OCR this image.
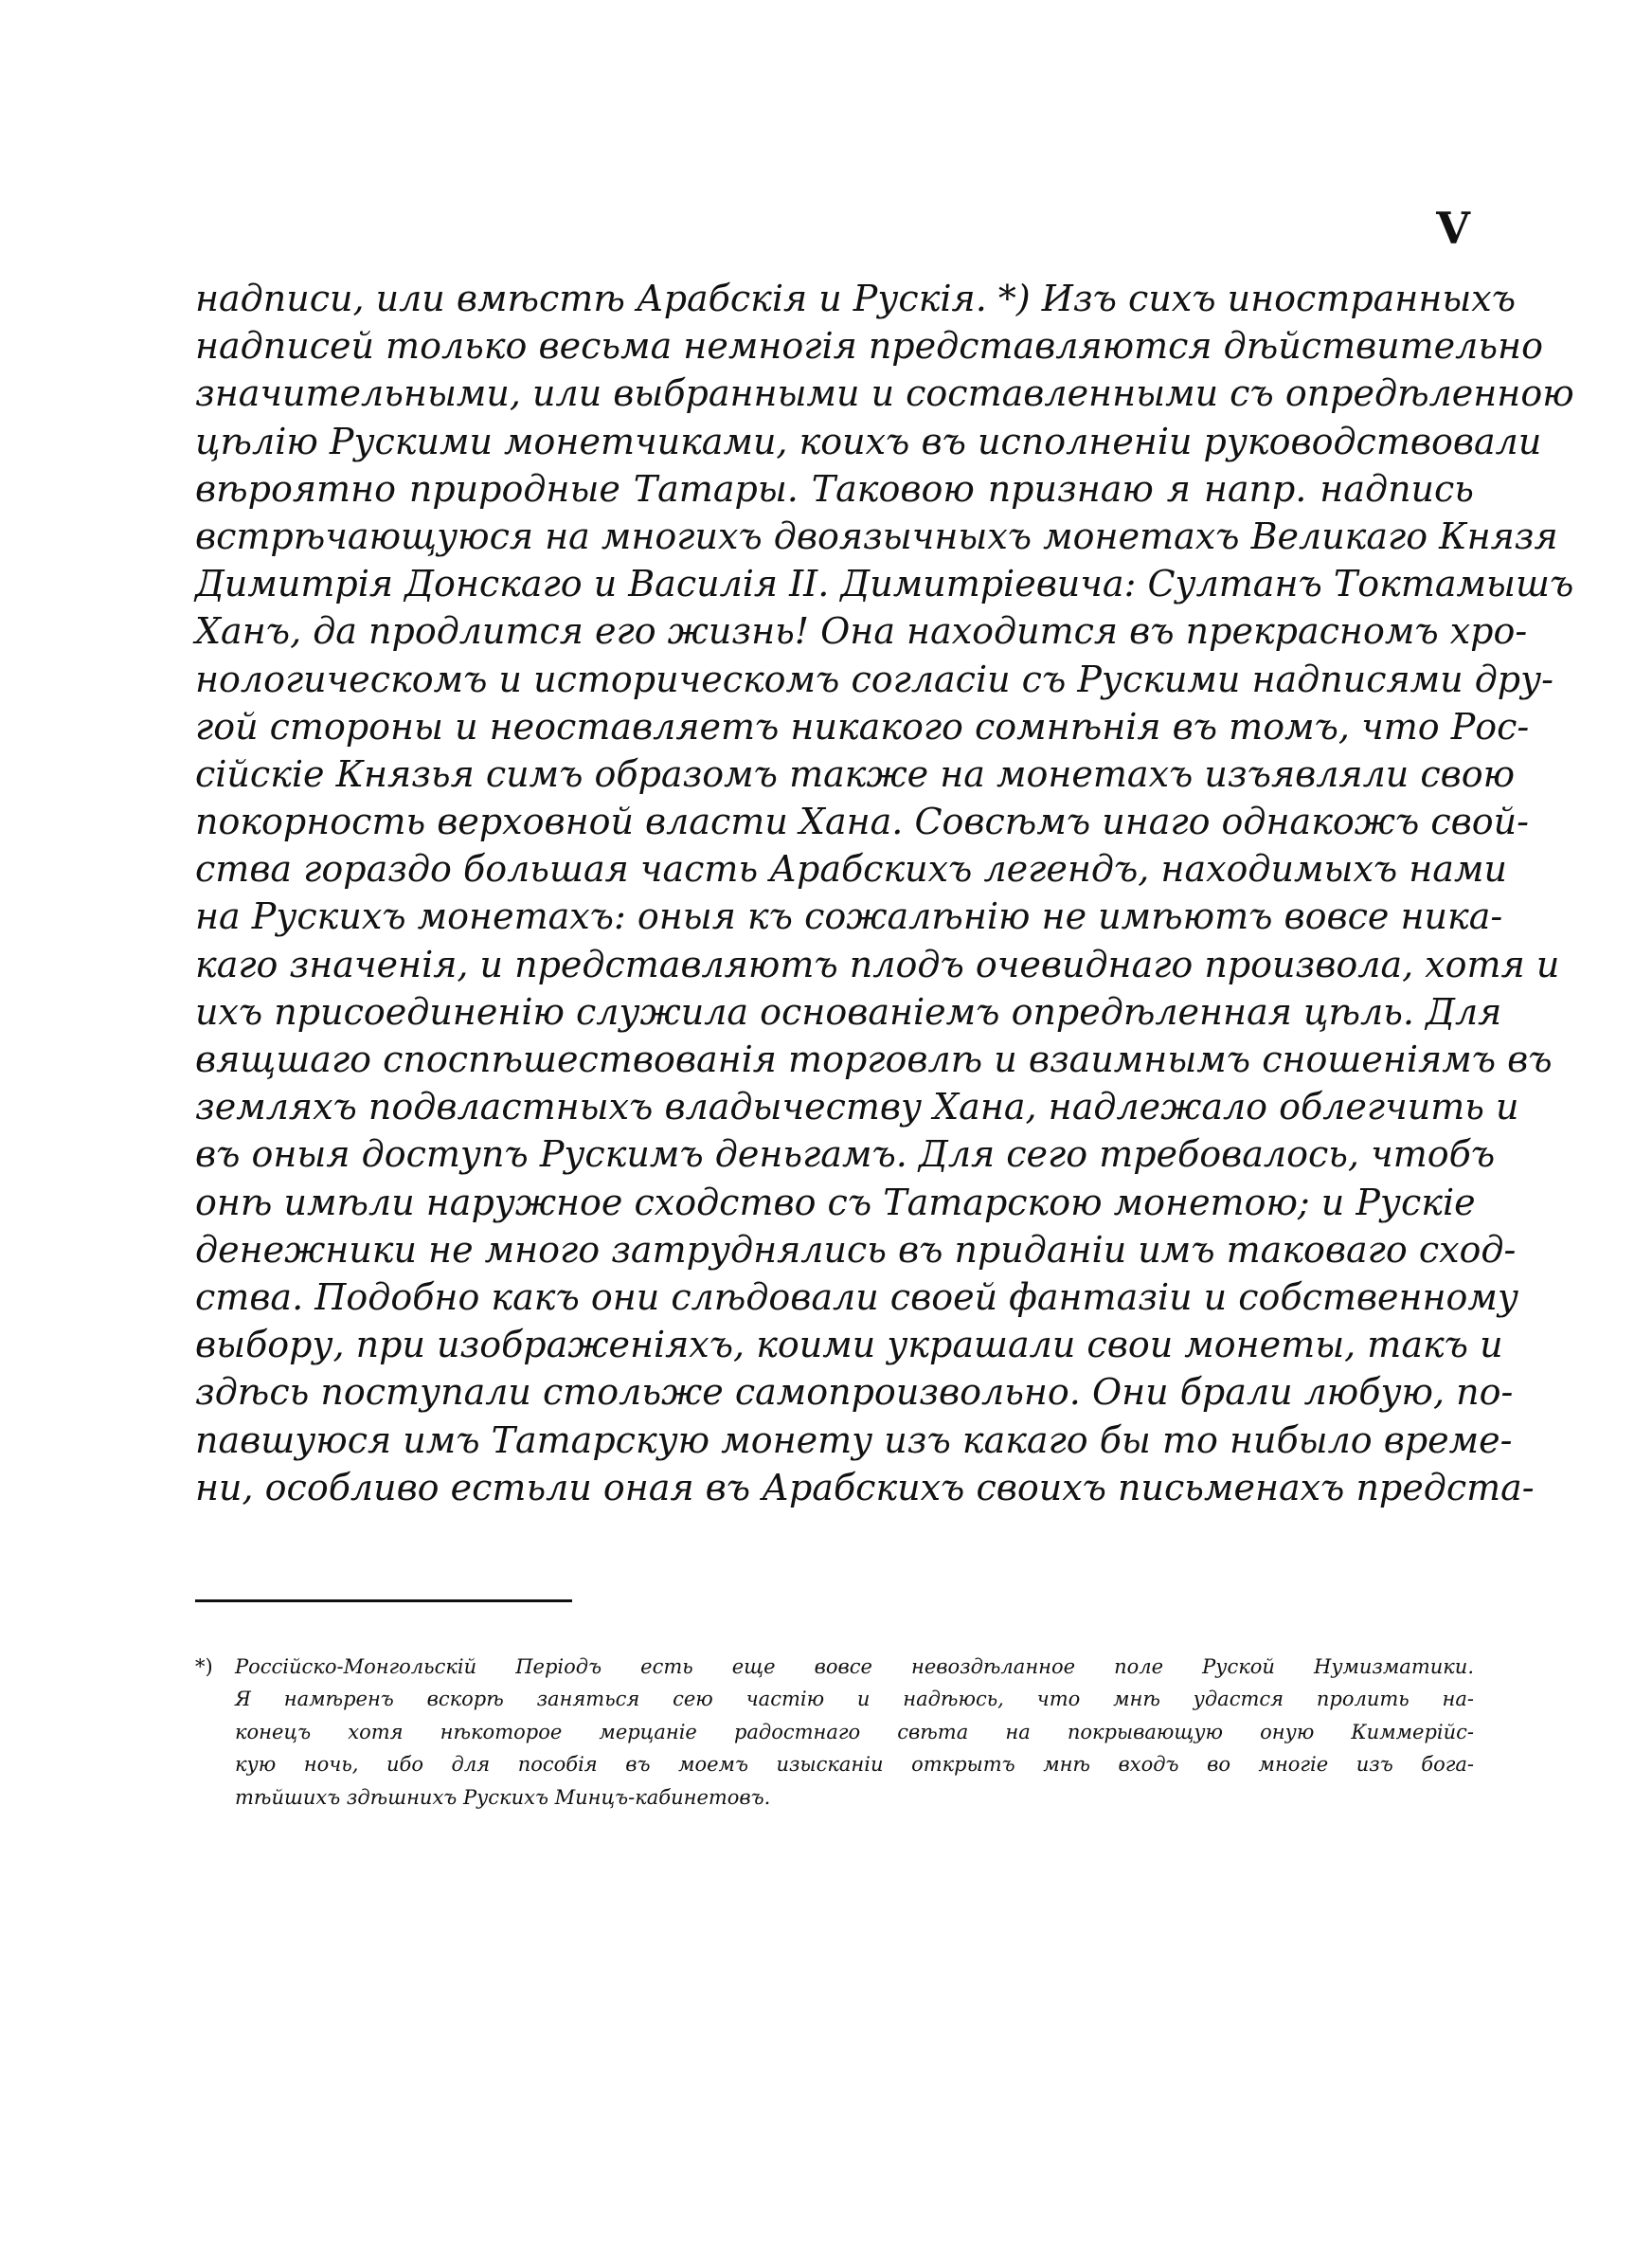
V
надписи, или вмѣстѣ Арабскія и Рускія. *) Изъ сихъ иностранныхъ
надписей только весьма немногія представляются дѣйствительно
значительными, или выбранными и составленными съ опредѣленною
цѣлію Рускими монетчиками, коихъ въ исполненіи руководствовали
вѣроятно природные Татары. Таковою признаю я напр. надпись
встрѣчающуюся на многихъ двоязычныхъ монетахъ Великаго Князя
Димитрія Донскаго и Василія II. Димитріевича: Султанъ Токтамышъ
Ханъ, да продлится его жизнь! Она находится въ прекрасномъ хро-
нологическомъ и историческомъ согласіи съ Рускими надписями дру-
гой стороны и неоставляетъ никакого сомнѣнія въ томъ, что Рос-
сійскіе Князья симъ образомъ также на монетахъ изъявляли свою
покорность верховной власти Хана. Совсѣмъ инаго однакожъ свой-
ства гораздо большая часть Арабскихъ легендъ, находимыхъ нами
на Рускихъ монетахъ: оныя къ сожалѣнію не имѣютъ вовсе ника-
каго значенія, и представляютъ плодъ очевиднаго произвола, хотя и
ихъ присоединенію служила основаніемъ опредѣленная цѣль. Для
вящшаго споспѣшествованія торговлѣ и взаимнымъ сношеніямъ въ
земляхъ подвластныхъ владычеству Хана, надлежало облегчить и
въ оныя доступъ Рускимъ деньгамъ. Для сего требовалось, чтобъ
онѣ имѣли наружное сходство съ Татарскою монетою; и Рускіе
денежники не много затруднялись въ приданіи имъ таковаго сход-
ства. Подобно какъ они слѣдовали своей фантазіи и собственному
выбору, при изображеніяхъ, коими украшали свои монеты, такъ и
здѣсь поступали стольже самопроизвольно. Они брали любую, по-
павшуюся имъ Татарскую монету изъ какаго бы то нибыло време-
ни, особливо естьли оная въ Арабскихъ своихъ письменахъ предста-
*) Россійско-Монгольскій Періодъ есть еще вовсе невоздѣланное поле Руской Нумизматики.
Я намѣренъ вскорѣ заняться сею частію и надѣюсь, что мнѣ удастся пролить на-
конецъ хотя нѣкоторое мерцаніе радостнаго свѣта на покрывающую оную Киммерійс-
кую ночь, ибо для пособія въ моемъ изысканіи открытъ мнѣ входъ во многіе изъ бога-
тѣйшихъ здѣшнихъ Рускихъ Минцъ-кабинетовъ.
